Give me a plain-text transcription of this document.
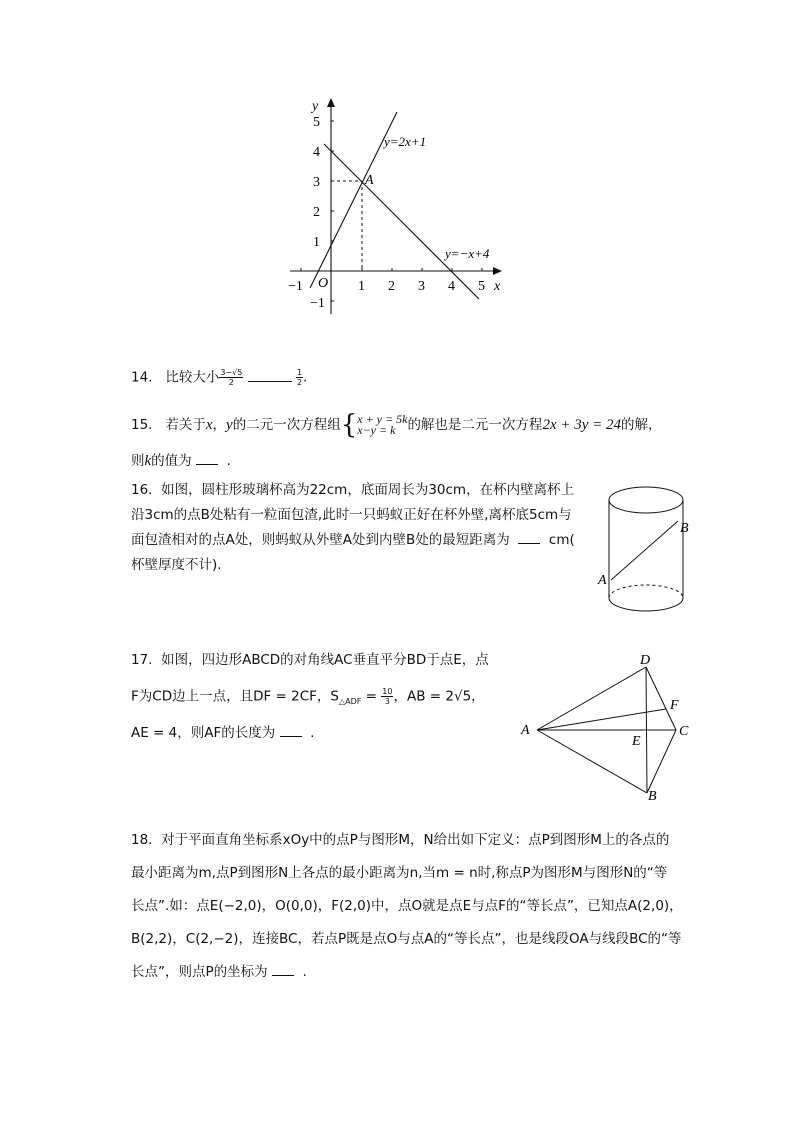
y
x
O
5
4
3
2
1
−1
−1	1 2 3 4 5
y=2x+1
y=−x+4
A
14. 比较大小 $\frac{3-√5}{2}$
	$\frac{1}{2}$ .
15. 若关于x，y的二元一次方程组 { x + y = 5k
x−y = k 的解也是二元一次方程2x + 3y = 24的解，
则k的值为	.
16. 如图，圆柱形玻璃杯高为22cm，底面周长为30cm，在杯内壁离杯上
沿3cm的点B处粘有一粒面包渣,此时一只蚂蚁正好在杯外壁,离杯底5cm与
面包渣相对的点A处，则蚂蚁从外壁A处到内壁B处的最短距离为	cm(
杯壁厚度不计).
A
B
17. 如图，四边形ABCD的对角线AC垂直平分BD于点E，点
F为CD边上一点，且DF = 2CF，$S_{\triangle ADF} = \frac{10}{3}$ ，AB = 2√5，
AE = 4，则AF的长度为	.	A
D
F
C
E
B
18. 对于平面直角坐标系xOy中的点P与图形M，N给出如下定义：点P到图形M上的各点的
最小距离为m,点P到图形N上各点的最小距离为n,当m = n时,称点P为图形M与图形N的“等
长点”.如：点E(−2,0)，O(0,0)，F(2,0)中，点O就是点E与点F的“等长点”，已知点A(2,0)，
B(2,2)，C(2,−2)，连接BC，若点P既是点O与点A的“等长点”，也是线段OA与线段BC的“等
长点”，则点P的坐标为	.
